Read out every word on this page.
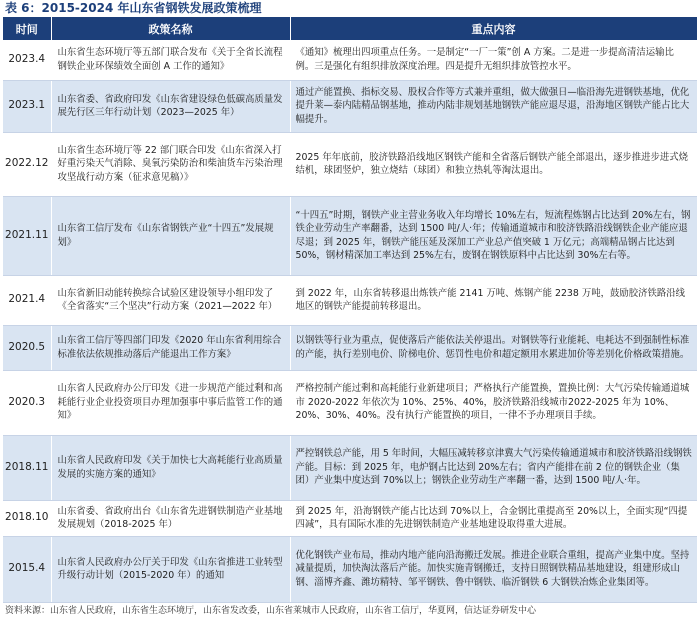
表 6：2015-2024 年山东省钢铁发展政策梳理
时间	政策名称	重点内容
2023.4	山东省生态环境厅等五部门联合发布《关于全省长流程钢铁企业环保绩效全面创 A 工作的通知》	《通知》梳理出四项重点任务。一是制定“一厂一策”创 A 方案。二是进一步提高清洁运输比例。三是强化有组织排放深度治理。四是提升无组织排放管控水平。
2023.1	山东省委、省政府印发《山东省建设绿色低碳高质量发展先行区三年行动计划（2023—2025 年）	通过产能置换、指标交易、股权合作等方式兼并重组，做大做强日—临沿海先进钢铁基地，优化提升莱—泰内陆精品钢基地，推动内陆非规划基地钢铁产能应退尽退，沿海地区钢铁产能占比大幅提升。
2022.12	山东省生态环境厅等 22 部门联合印发《山东省深入打好重污染天气消除、臭氧污染防治和柴油货车污染治理攻坚战行动方案（征求意见稿）》	2025 年年底前，胶济铁路沿线地区钢铁产能和全省落后钢铁产能全部退出，逐步推进步进式烧结机，球团竖炉，独立烧结（球团）和独立热轧等淘汰退出。
2021.11	山东省工信厅发布《山东省钢铁产业“十四五”发展规划》	“十四五”时期，钢铁产业主营业务收入年均增长 10%左右，短流程炼钢占比达到 20%左右，钢铁企业劳动生产率翻番，达到 1500 吨/人·年；传输通道城市和胶济铁路沿线钢铁企业产能应退尽退；到 2025 年，钢铁产能压延及深加工产业总产值突破 1 万亿元；高端精品钢占比达到 50%，钢材精深加工率达到 25%左右，废钢在钢铁原料中占比达到 30%左右等。
2021.4	山东省新旧动能转换综合试验区建设领导小组印发了《全省落实“三个坚决”行动方案（2021—2022 年）	到 2022 年，山东省转移退出炼铁产能 2141 万吨、炼钢产能 2238 万吨，鼓励胶济铁路沿线地区的钢铁产能提前转移退出。
2020.5	山东省工信厅等四部门印发《2020 年山东省利用综合标准依法依规推动落后产能退出工作方案》	以钢铁等行业为重点，促使落后产能依法关停退出。对钢铁等行业能耗、电耗达不到强制性标准的产能，执行差别电价、阶梯电价、惩罚性电价和超定额用水累进加价等差别化价格政策措施。
2020.3	山东省人民政府办公厅印发《进一步规范产能过剩和高耗能行业企业投资项目办理加强事中事后监管工作的通知》	严格控制产能过剩和高耗能行业新建项目；严格执行产能置换，置换比例：大气污染传输通道城市 2020-2022 年依次为 10%、25%、40%，胶济铁路沿线城市2022-2025 年为 10%、20%、30%、40%。没有执行产能置换的项目，一律不予办理项目手续。
2018.11	山东省人民政府印发《关于加快七大高耗能行业高质量发展的实施方案的通知》	严控钢铁总产能，用 5 年时间，大幅压减转移京津冀大气污染传输通道城市和胶济铁路沿线钢铁产能。目标：到 2025 年，电炉钢占比达到 20%左右；省内产能排在前 2 位的钢铁企业（集团）产业集中度达到 70%以上；钢铁企业劳动生产率翻一番，达到 1500 吨/人·年。
2018.10	山东省委、省政府出台《山东省先进钢铁制造产业基地发展规划（2018-2025 年）	到 2025 年，沿海钢铁产能占比达到 70%以上，合金钢比重提高至 20%以上，全面实现“四提四减”，具有国际水准的先进钢铁制造产业基地建设取得重大进展。
2015.4	山东省人民政府办公厅关于印发《山东省推进工业转型升级行动计划（2015-2020 年）的通知	优化钢铁产业布局，推动内地产能向沿海搬迁发展。推进企业联合重组，提高产业集中度。坚持减量提质，加快淘汰落后产能。加快实施青钢搬迁，支持日照钢铁精品基地建设，组建形成山钢、淄博齐鑫、潍坊精特、邹平钢铁、鲁中钢铁、临沂钢铁 6 大钢铁冶炼企业集团等。
资料来源：山东省人民政府，山东省生态环境厅，山东省发改委，山东省莱城市人民政府，山东省工信厅，华夏网，信达证券研发中心
